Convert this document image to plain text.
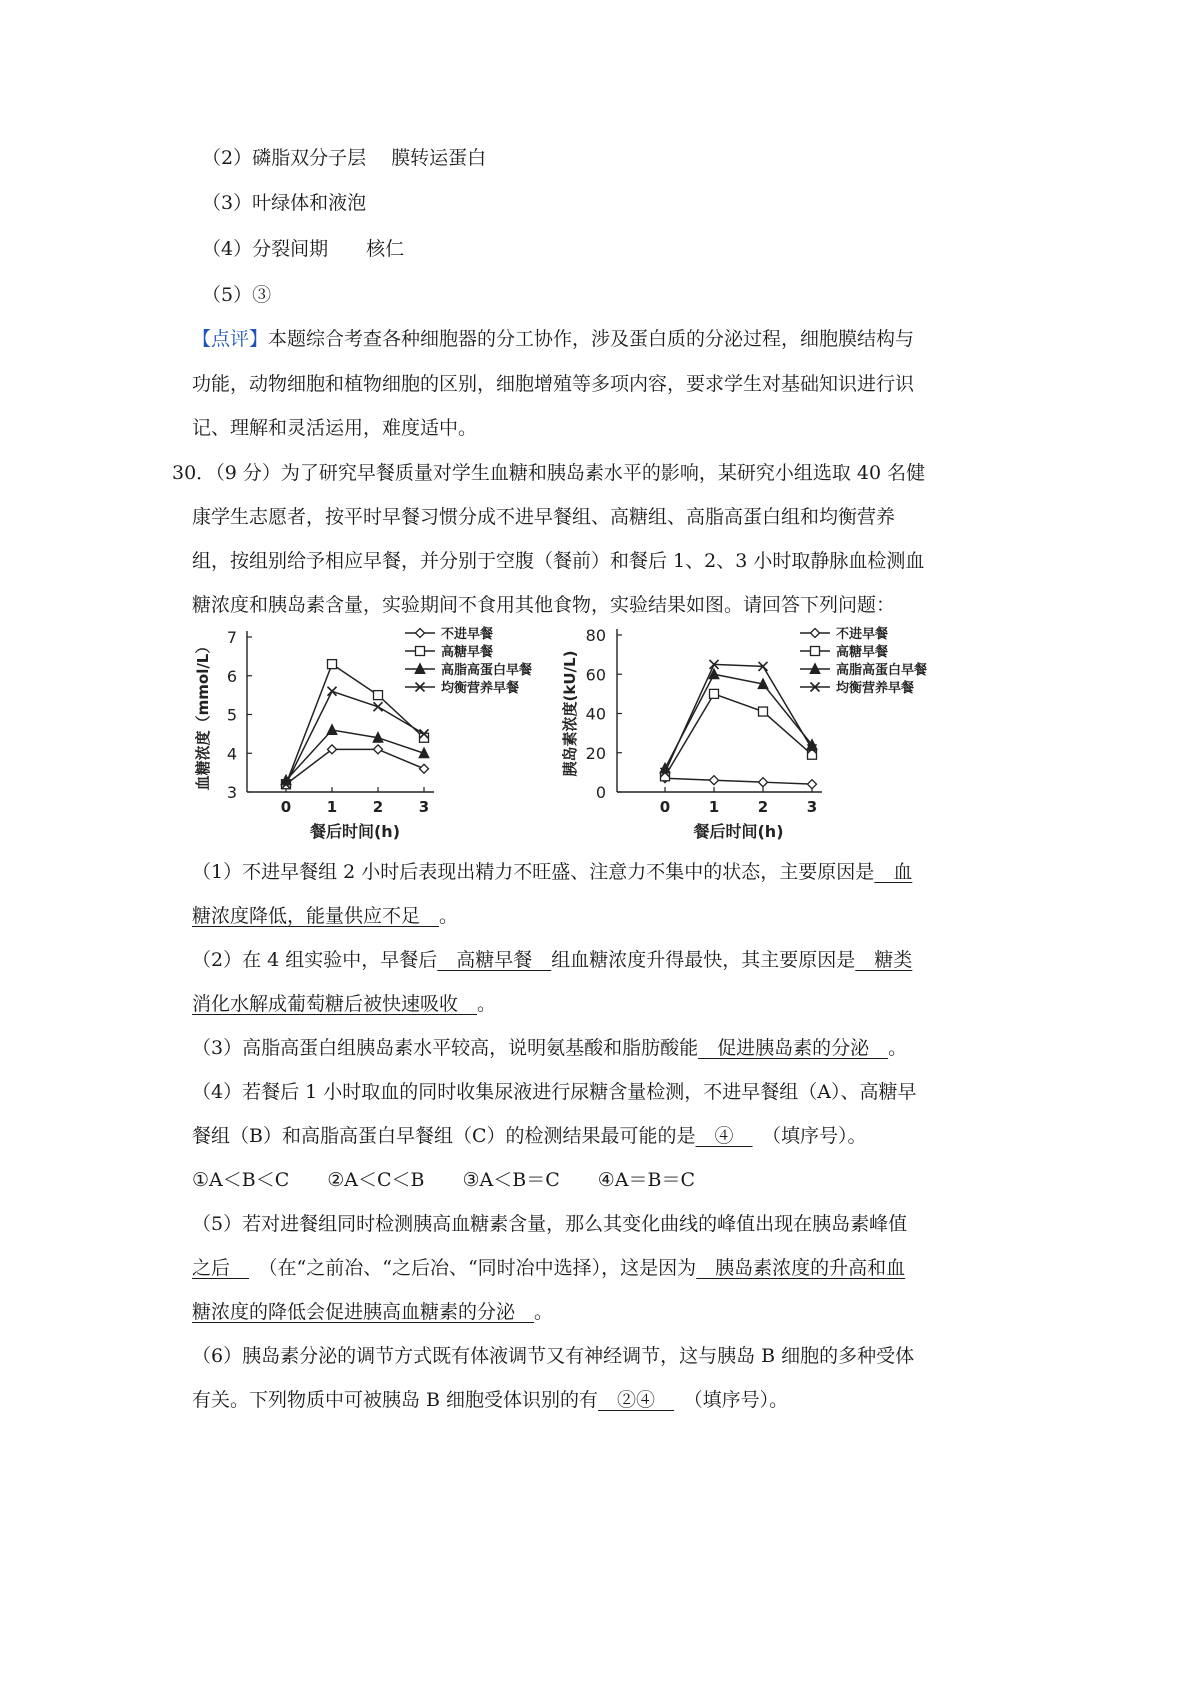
（2）磷脂双分子层　 膜转运蛋白
（3）叶绿体和液泡
（4）分裂间期　　核仁
（5）③
【点评】本题综合考查各种细胞器的分工协作，涉及蛋白质的分泌过程，细胞膜结构与
功能，动物细胞和植物细胞的区别，细胞增殖等多项内容，要求学生对基础知识进行识
记、理解和灵活运用，难度适中。
30．（9 分）为了研究早餐质量对学生血糖和胰岛素水平的影响，某研究小组选取 40 名健
康学生志愿者，按平时早餐习惯分成不进早餐组、高糖组、高脂高蛋白组和均衡营养
组，按组别给予相应早餐，并分别于空腹（餐前）和餐后 1、2、3 小时取静脉血检测血
糖浓度和胰岛素含量，实验期间不食用其他食物，实验结果如图。请回答下列问题：
7
6
5
4
3
0 1 2 3
餐后时间(h)
血糖浓度（mmol/L）
不进早餐
高糖早餐
高脂高蛋白早餐
均衡营养早餐
80
60
40
20
0
0	1	2	3
餐后时间(h)
胰岛素浓度(kU/L)
不进早餐
高糖早餐
高脂高蛋白早餐
均衡营养早餐
（1）不进早餐组 2 小时后表现出精力不旺盛、注意力不集中的状态，主要原因是　血
糖浓度降低，能量供应不足　。
（2）在 4 组实验中，早餐后　高糖早餐　组血糖浓度升得最快，其主要原因是　糖类
消化水解成葡萄糖后被快速吸收　。
（3）高脂高蛋白组胰岛素水平较高，说明氨基酸和脂肪酸能　促进胰岛素的分泌　。
（4）若餐后 1 小时取血的同时收集尿液进行尿糖含量检测，不进早餐组（A）、高糖早
餐组（B）和高脂高蛋白早餐组（C）的检测结果最可能的是　④　　（填序号）。
①A＜B＜C　　②A＜C＜B　　③A＜B＝C　　④A＝B＝C
（5）若对进餐组同时检测胰高血糖素含量，那么其变化曲线的峰值出现在胰岛素峰值
之后　　（在“之前冶、“之后冶、“同时冶中选择），这是因为　胰岛素浓度的升高和血
糖浓度的降低会促进胰高血糖素的分泌　。
（6）胰岛素分泌的调节方式既有体液调节又有神经调节，这与胰岛 B 细胞的多种受体
有关。下列物质中可被胰岛 B 细胞受体识别的有　②④　　（填序号）。
